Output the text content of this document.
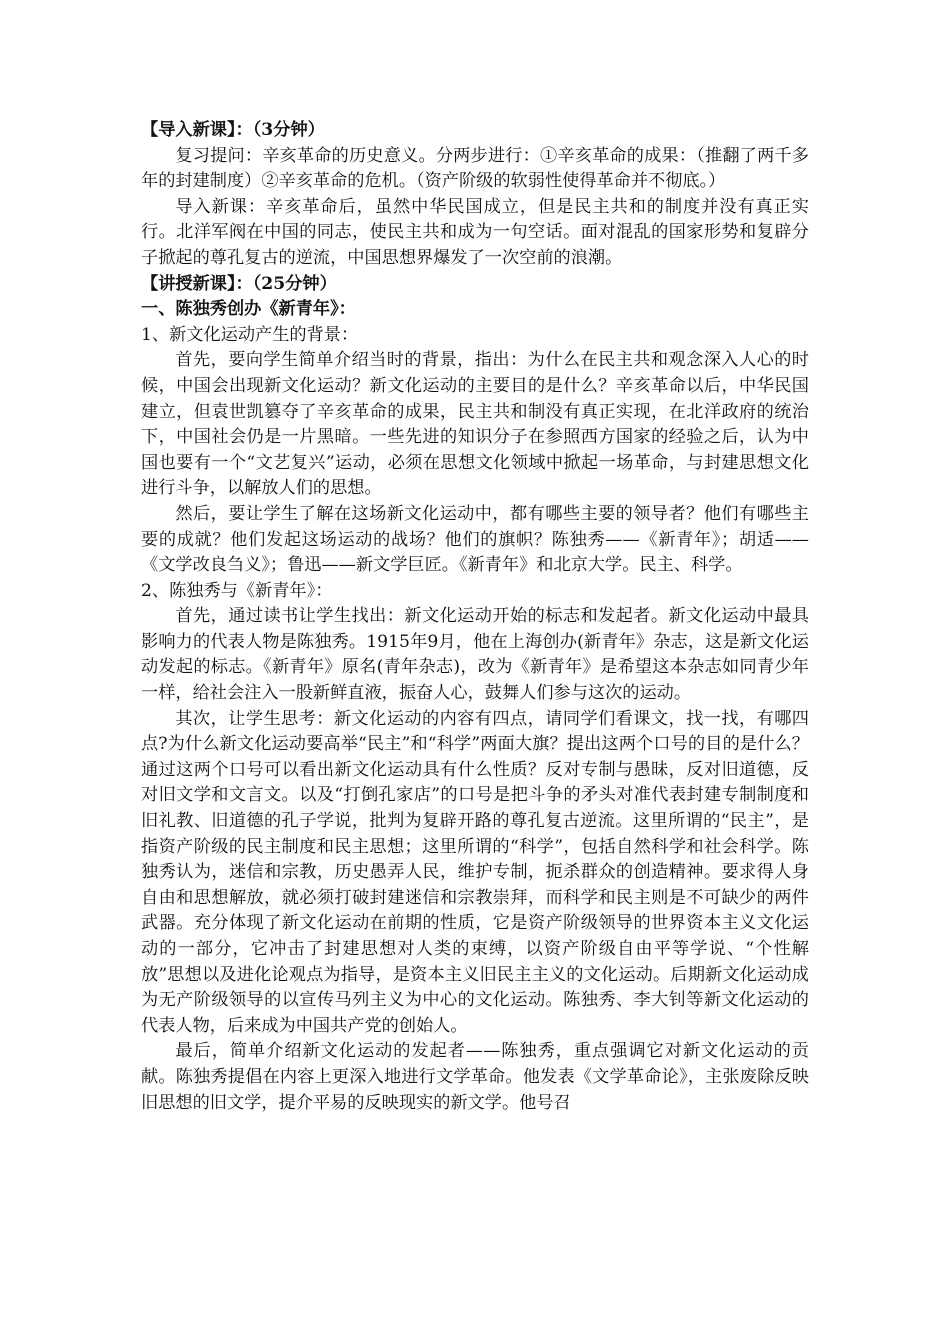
【导入新课】：（3分钟）

复习提问：辛亥革命的历史意义。分两步进行：①辛亥革命的成果：（推翻了两千多年的封建制度）②辛亥革命的危机。（资产阶级的软弱性使得革命并不彻底。）

导入新课：辛亥革命后，虽然中华民国成立，但是民主共和的制度并没有真正实行。北洋军阀在中国的同志，使民主共和成为一句空话。面对混乱的国家形势和复辟分子掀起的尊孔复古的逆流，中国思想界爆发了一次空前的浪潮。

【讲授新课】：（25分钟）

一、陈独秀创办《新青年》：

1、新文化运动产生的背景：

首先，要向学生简单介绍当时的背景，指出：为什么在民主共和观念深入人心的时候，中国会出现新文化运动？新文化运动的主要目的是什么？辛亥革命以后，中华民国建立，但袁世凯篡夺了辛亥革命的成果，民主共和制没有真正实现，在北洋政府的统治下，中国社会仍是一片黑暗。一些先进的知识分子在参照西方国家的经验之后，认为中国也要有一个“文艺复兴”运动，必须在思想文化领域中掀起一场革命，与封建思想文化进行斗争，以解放人们的思想。

然后，要让学生了解在这场新文化运动中，都有哪些主要的领导者？他们有哪些主要的成就？他们发起这场运动的战场？他们的旗帜？陈独秀——《新青年》；胡适——《文学改良刍义》；鲁迅——新文学巨匠。《新青年》和北京大学。民主、科学。

2、陈独秀与《新青年》：

首先，通过读书让学生找出：新文化运动开始的标志和发起者。新文化运动中最具影响力的代表人物是陈独秀。1915年9月，他在上海创办(新青年》杂志，这是新文化运动发起的标志。《新青年》原名(青年杂志)，改为《新青年》是希望这本杂志如同青少年一样，给社会注入一股新鲜直液，振奋人心，鼓舞人们参与这次的运动。

其次，让学生思考：新文化运动的内容有四点，请同学们看课文，找一找，有哪四点?为什么新文化运动要高举“民主”和“科学”两面大旗？提出这两个口号的目的是什么？通过这两个口号可以看出新文化运动具有什么性质？反对专制与愚昧，反对旧道德，反对旧文学和文言文。以及“打倒孔家店”的口号是把斗争的矛头对准代表封建专制制度和旧礼教、旧道德的孔子学说，批判为复辟开路的尊孔复古逆流。这里所谓的“民主”，是指资产阶级的民主制度和民主思想；这里所谓的“科学”，包括自然科学和社会科学。陈独秀认为，迷信和宗教，历史愚弄人民，维护专制，扼杀群众的创造精神。要求得人身自由和思想解放，就必须打破封建迷信和宗教崇拜，而科学和民主则是不可缺少的两件武器。充分体现了新文化运动在前期的性质，它是资产阶级领导的世界资本主义文化运动的一部分，它冲击了封建思想对人类的束缚，以资产阶级自由平等学说、“个性解放”思想以及进化论观点为指导，是资本主义旧民主主义的文化运动。后期新文化运动成为无产阶级领导的以宣传马列主义为中心的文化运动。陈独秀、李大钊等新文化运动的代表人物，后来成为中国共产党的创始人。

最后，简单介绍新文化运动的发起者——陈独秀，重点强调它对新文化运动的贡献。陈独秀提倡在内容上更深入地进行文学革命。他发表《文学革命论》，主张废除反映旧思想的旧文学，提介平易的反映现实的新文学。他号召
